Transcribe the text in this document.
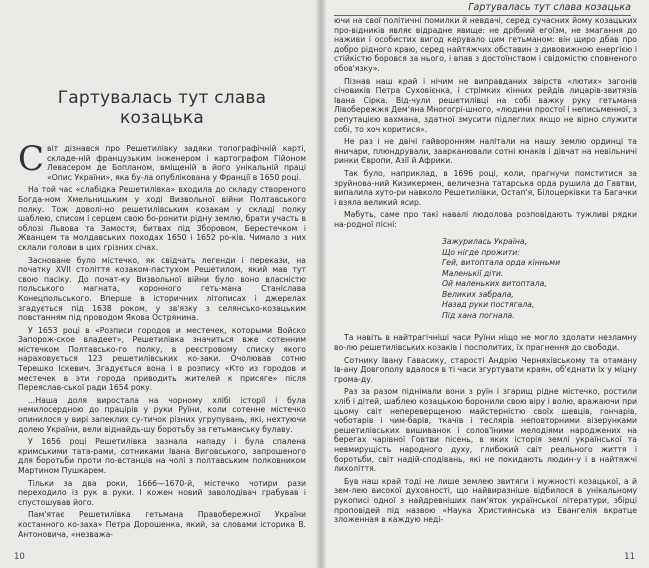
Гартувалась тут слава козацька

Світ дізнався про Решетилівку задяки топографічній карті, складе-ній французьким інженером і картографом Гійоном Левасером де Бопланом, вміщеній в його унікальній праці «Опис України», яка бу-ла опублікована у Франції в 1650 році.

На той час «слабідка Решетилівка» входила до складу створеного Богда-ном Хмельницьким у ході Визвольної війни Полтавського полку. Тож доволі-но решетилівським козакам у складі полку шаблею, списом і серцем свою бо-ронити рідну землю, брати участь в облозі Львова та Замостя, битвах під Зборовом, Берестечком і Жванцем та молдавських походах 1650 і 1652 ро-ків. Чимало з них склали голови в цих грізних січах.

Засноване було містечко, як свідчать легенди і перекази, на початку XVII століття козаком-пастухом Решетилом, який мав тут свою пасіку. До почат-ку Визвольної війни було воно власністю польського магната, коронного геть-мана Станіслава Конецпольського. Вперше в історичних літописах і джерелах згадується під 1638 роком, у зв'язку з селянсько-козацьким повстанням під проводом Якова Острянина.

У 1653 році в «Розписи городов и местечек, которыми Войско Запорож-ское владеет», Решетилівка значиться вже сотенним містечком Полтавсько-го полку, в реєстровому списку якого нараховується 123 решетилівських ко-заки. Очолював сотню Терешко Іскевич. Згадується вона і в розпису «Кто из городов и местечек в эти города приводить жителей к присяге» після Переяслав-ської ради 1654 року.

...Наша доля виростала на чорному хлібі історії і була немилосердною до працірів у руки Руїни, коли сотенне містечко опинилося у вирі запеклих су-тичок різних угрупувань, які, нехтуючи долею України, вели віднайдь-шу боротьбу за гетьманську булаву.

У 1656 році Решетилівка зазнала нападу і була спалена кримськими тата-рами, сотниками Івана Виговського, запрошеного для боротьби проти по-встанців на чолі з полтавським полковником Мартином Пушкарем.

Тільки за два роки, 1666—1670-й, містечко чотири рази переходило із рук в руки. І кожен новий заволодівач грабував і спустошував його.

Пам'ятає Решетилівка гетьмана Правобережної України костанного ко-заха» Петра Дорошенка, який, за словами історика В. Антоновича, «незважа-

10
Гартувалась тут слава козацька

ючи на свої політичні помилки й невдачі, серед сучасних йому козацьких про-відників являє відрадне явище: не дрібний егоїзм, не змагання до наживи і особистих вигод керувало цим гетьманом: він щиро дбав про добро рідного краю, серед найтяжчих обставин з дивовижною енергією і стійкістю боровся за нього, і впав з достоїнством і свідомістю сповненого обов'язку».

Пізнав наш край і нічим не виправданих звірств «лютих» загонів січовиків Петра Суховієнка, і стрімких кінних рейдів лицарів-звитязів Івана Сірка. Від-чули решетилівці на собі важку руку гетьмана Лівобережжя Дем'яна Многогрі-шного, «людини простої і неписьменної, з репутацією вахмана, здатної змусити підлеглих якщо не вірно служити собі, то хоч коритися».

Не раз і не двічі гайворонням налітали на нашу землю ординці та яничари, плюндрували, заарканювали сотні юнаків і дівчат на невільничі ринки Європи, Азії й Африки.

Так було, наприклад, в 1696 році, коли, прагнучи помститися за зруйнова-ний Кизикермен, величезна татарська орда рушила до Гавтви, випалила хуто-ри навколо Решетилівки, Остап'я, Білоцерківки та Багачки і взяла великий ясир.

Мабуть, саме про такі навалі людолова розповідають тужливі рядки на-родної пісні:

Зажурилась Україна,
Що нігде прожити:
Гей, витоптала орда кінньми
Маленькії діти.
Ой маленьких витоптала,
Великих забрала,
Назад руки постягала,
Під хана погнала.

Та навіть в найтрагічніші часи Руїни ніщо не могло здолати незламну во-лю решетилівських козаків і посполитих, їх прагнення до свободи.

Сотнику Івану Гавасику, старості Андрію Черняхівському та отаману Ів-ану Довгополу вдалося в ті часи згуртувати краян, об'єднати їх у міцну грома-ду.

Раз за разом піднімали вони з руїн і згарищ рідне містечко, ростили хліб і дітей, шаблею козацькою боронили свою віру і волю, вражаючи при цьому світ непереверщеною майстерністю своїх шевців, гончарів, чоботарів і чим-барів, ткачів і теслярів неповторними візерунками решетилівських вишиванок і солов'їними мелодіями народжених на берегах чарівної Говтви пісень, в яких історія землі української та невмирущість народного духу, глибокий світ реального життя і боротьби, світ надій-сподівань, які не покидають людин-у і в найтяжчі лихоліття.

Був наш край тоді не лише землею звитяги і мужності козацької, а й зем-лею високої духовності, що найвиразніше відбилося в унікальному рукописі одної з найдревніших пам'яток української літератури, збірці проповідей під назвою «Наука Християнська из Евангелія вкратце зложенная в каждую неді-

11
